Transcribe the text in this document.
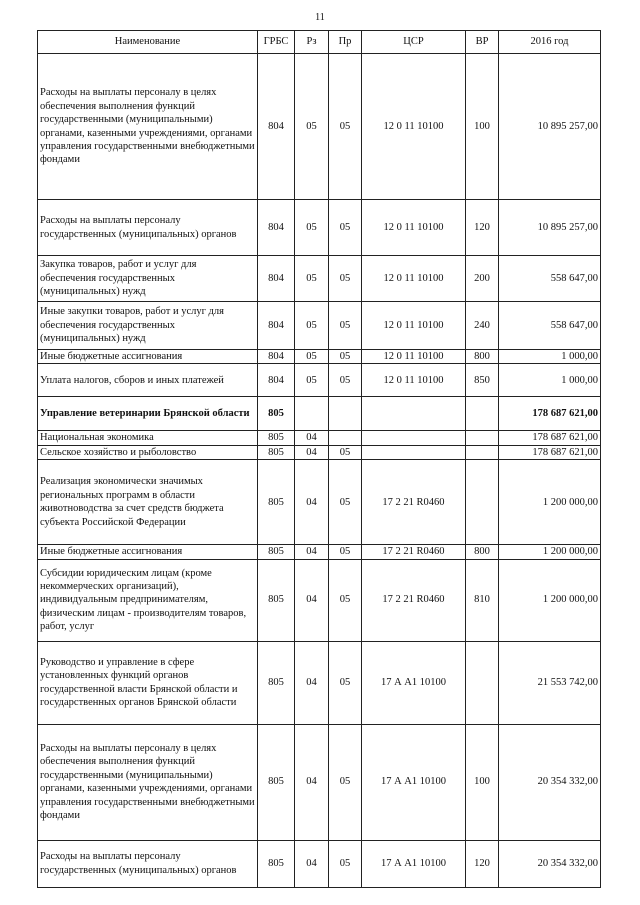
11
Наименование	ГРБС	Рз	Пр	ЦСР	ВР	2016 год
Расходы на выплаты персоналу в целях обеспечения выполнения функций государственными (муниципальными) органами, казенными учреждениями, органами управления государственными внебюджетными фондами	804	05	05	12 0 11 10100	100	10 895 257,00
Расходы на выплаты персоналу государственных (муниципальных) органов	804	05	05	12 0 11 10100	120	10 895 257,00
Закупка товаров, работ и услуг для обеспечения государственных (муниципальных) нужд	804	05	05	12 0 11 10100	200	558 647,00
Иные закупки товаров, работ и услуг для обеспечения государственных (муниципальных) нужд	804	05	05	12 0 11 10100	240	558 647,00
Иные бюджетные ассигнования	804	05	05	12 0 11 10100	800	1 000,00
Уплата налогов, сборов и иных платежей	804	05	05	12 0 11 10100	850	1 000,00
Управление ветеринарии Брянской области	805					178 687 621,00
Национальная экономика	805	04				178 687 621,00
Сельское хозяйство и рыболовство	805	04	05			178 687 621,00
Реализация экономически значимых региональных программ в области животноводства за счет средств бюджета субъекта Российской Федерации	805	04	05	17 2 21 R0460		1 200 000,00
Иные бюджетные ассигнования	805	04	05	17 2 21 R0460	800	1 200 000,00
Субсидии юридическим лицам (кроме некоммерческих организаций), индивидуальным предпринимателям, физическим лицам - производителям товаров, работ, услуг	805	04	05	17 2 21 R0460	810	1 200 000,00
Руководство и управление в сфере установленных функций органов государственной власти Брянской области и государственных органов Брянской области	805	04	05	17 А А1 10100		21 553 742,00
Расходы на выплаты персоналу в целях обеспечения выполнения функций государственными (муниципальными) органами, казенными учреждениями, органами управления государственными внебюджетными фондами	805	04	05	17 А А1 10100	100	20 354 332,00
Расходы на выплаты персоналу государственных (муниципальных) органов	805	04	05	17 А А1 10100	120	20 354 332,00
